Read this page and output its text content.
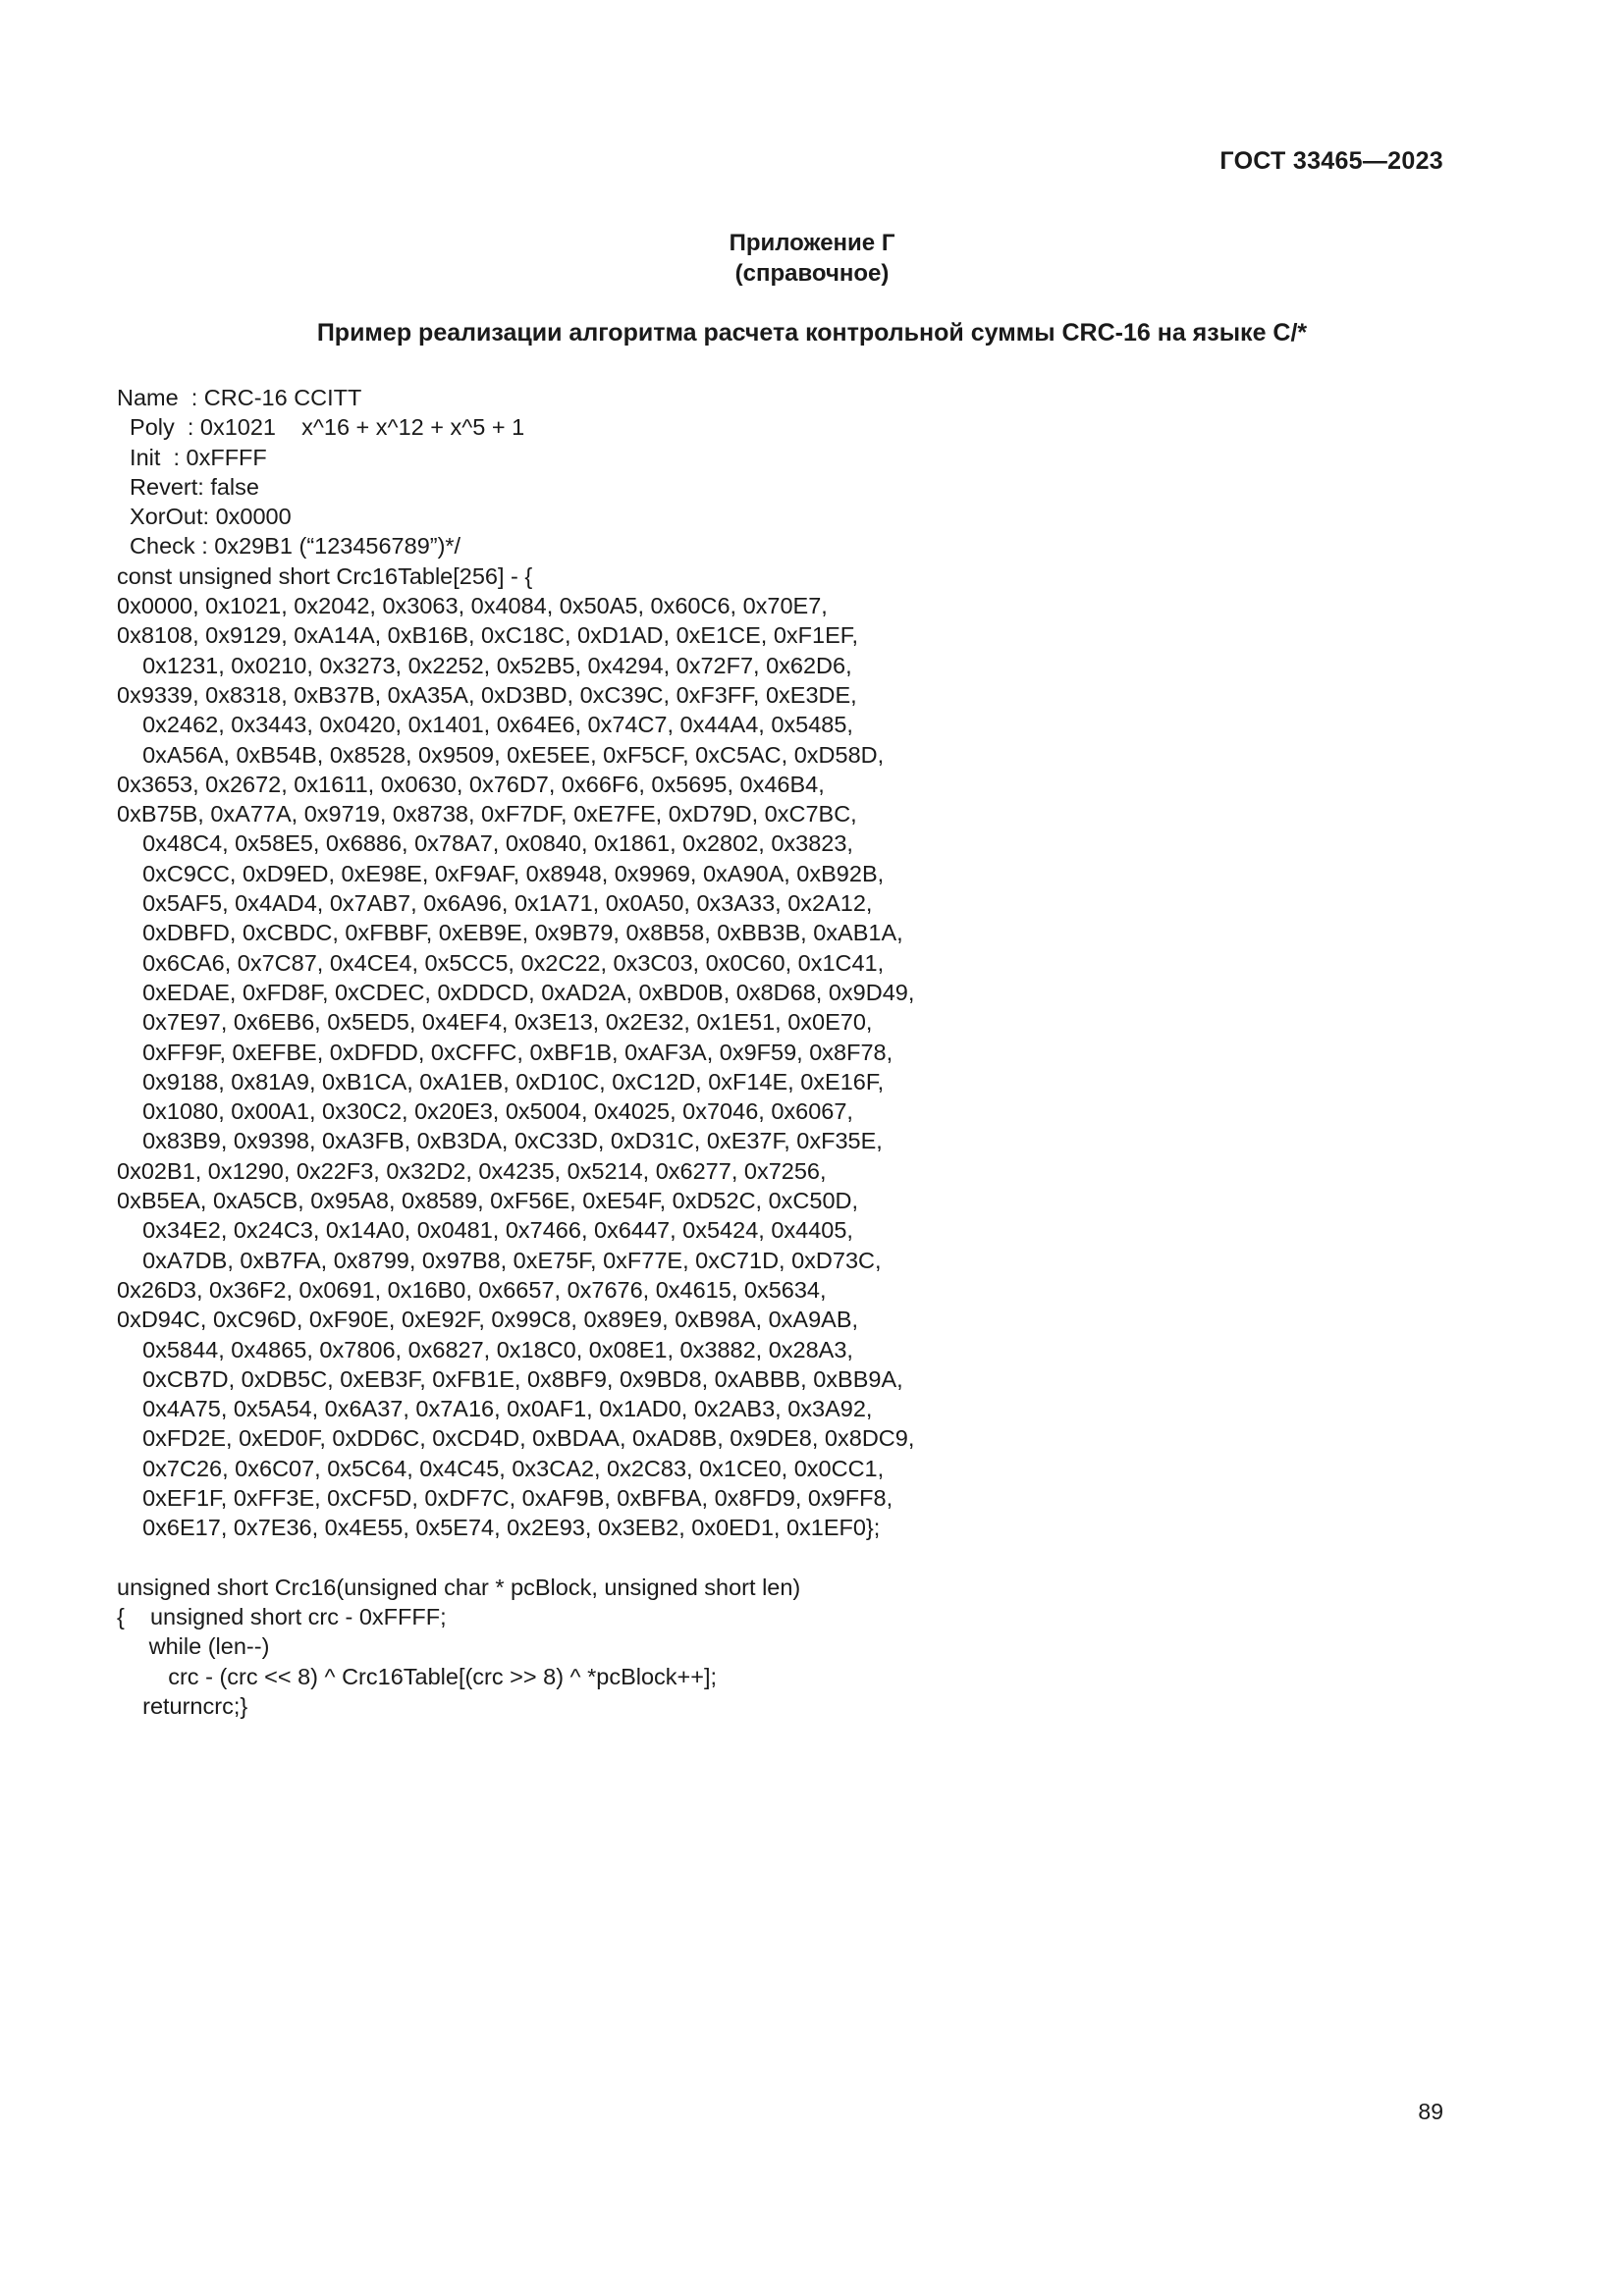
ГОСТ 33465—2023
Приложение Г
(справочное)
Пример реализации алгоритма расчета контрольной суммы CRC-16 на языке С/*
Name  : CRC-16 CCITT
Poly  : 0x1021    x^16 + x^12 + x^5 + 1
Init  : 0xFFFF
Revert: false
XorOut: 0x0000
Check : 0x29B1 (“123456789”)*/
const unsigned short Crc16Table[256] - {
0x0000, 0x1021, 0x2042, 0x3063, 0x4084, 0x50A5, 0x60C6, 0x70E7,
0x8108, 0x9129, 0xA14A, 0xB16B, 0xC18C, 0xD1AD, 0xE1CE, 0xF1EF,
0x1231, 0x0210, 0x3273, 0x2252, 0x52B5, 0x4294, 0x72F7, 0x62D6,
0x9339, 0x8318, 0xB37B, 0xA35A, 0xD3BD, 0xC39C, 0xF3FF, 0xE3DE,
0x2462, 0x3443, 0x0420, 0x1401, 0x64E6, 0x74C7, 0x44A4, 0x5485,
0xA56A, 0xB54B, 0x8528, 0x9509, 0xE5EE, 0xF5CF, 0xC5AC, 0xD58D,
0x3653, 0x2672, 0x1611, 0x0630, 0x76D7, 0x66F6, 0x5695, 0x46B4,
0xB75B, 0xA77A, 0x9719, 0x8738, 0xF7DF, 0xE7FE, 0xD79D, 0xC7BC,
0x48C4, 0x58E5, 0x6886, 0x78A7, 0x0840, 0x1861, 0x2802, 0x3823,
0xC9CC, 0xD9ED, 0xE98E, 0xF9AF, 0x8948, 0x9969, 0xA90A, 0xB92B,
0x5AF5, 0x4AD4, 0x7AB7, 0x6A96, 0x1A71, 0x0A50, 0x3A33, 0x2A12,
0xDBFD, 0xCBDC, 0xFBBF, 0xEB9E, 0x9B79, 0x8B58, 0xBB3B, 0xAB1A,
0x6CA6, 0x7C87, 0x4CE4, 0x5CC5, 0x2C22, 0x3C03, 0x0C60, 0x1C41,
0xEDAE, 0xFD8F, 0xCDEC, 0xDDCD, 0xAD2A, 0xBD0B, 0x8D68, 0x9D49,
0x7E97, 0x6EB6, 0x5ED5, 0x4EF4, 0x3E13, 0x2E32, 0x1E51, 0x0E70,
0xFF9F, 0xEFBE, 0xDFDD, 0xCFFC, 0xBF1B, 0xAF3A, 0x9F59, 0x8F78,
0x9188, 0x81A9, 0xB1CA, 0xA1EB, 0xD10C, 0xC12D, 0xF14E, 0xE16F,
0x1080, 0x00A1, 0x30C2, 0x20E3, 0x5004, 0x4025, 0x7046, 0x6067,
0x83B9, 0x9398, 0xA3FB, 0xB3DA, 0xC33D, 0xD31C, 0xE37F, 0xF35E,
0x02B1, 0x1290, 0x22F3, 0x32D2, 0x4235, 0x5214, 0x6277, 0x7256,
0xB5EA, 0xA5CB, 0x95A8, 0x8589, 0xF56E, 0xE54F, 0xD52C, 0xC50D,
0x34E2, 0x24C3, 0x14A0, 0x0481, 0x7466, 0x6447, 0x5424, 0x4405,
0xA7DB, 0xB7FA, 0x8799, 0x97B8, 0xE75F, 0xF77E, 0xC71D, 0xD73C,
0x26D3, 0x36F2, 0x0691, 0x16B0, 0x6657, 0x7676, 0x4615, 0x5634,
0xD94C, 0xC96D, 0xF90E, 0xE92F, 0x99C8, 0x89E9, 0xB98A, 0xA9AB,
0x5844, 0x4865, 0x7806, 0x6827, 0x18C0, 0x08E1, 0x3882, 0x28A3,
0xCB7D, 0xDB5C, 0xEB3F, 0xFB1E, 0x8BF9, 0x9BD8, 0xABBB, 0xBB9A,
0x4A75, 0x5A54, 0x6A37, 0x7A16, 0x0AF1, 0x1AD0, 0x2AB3, 0x3A92,
0xFD2E, 0xED0F, 0xDD6C, 0xCD4D, 0xBDAA, 0xAD8B, 0x9DE8, 0x8DC9,
0x7C26, 0x6C07, 0x5C64, 0x4C45, 0x3CA2, 0x2C83, 0x1CE0, 0x0CC1,
0xEF1F, 0xFF3E, 0xCF5D, 0xDF7C, 0xAF9B, 0xBFBA, 0x8FD9, 0x9FF8,
0x6E17, 0x7E36, 0x4E55, 0x5E74, 0x2E93, 0x3EB2, 0x0ED1, 0x1EF0};
unsigned short Crc16(unsigned char * pcBlock, unsigned short len)
{    unsigned short crc - 0xFFFF;
while (len--)
crc - (crc << 8) ^ Crc16Table[(crc >> 8) ^ *pcBlock++];
returncrc;}
89
